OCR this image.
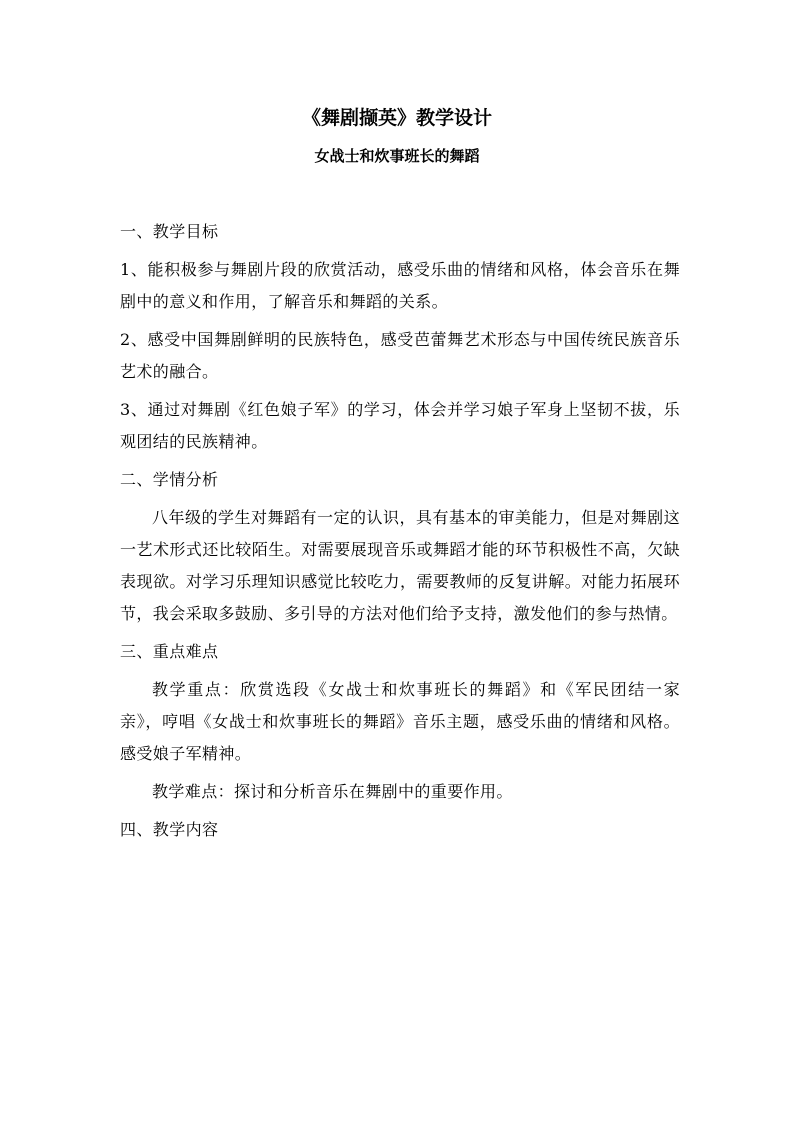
《舞剧撷英》教学设计
女战士和炊事班长的舞蹈

一、教学目标

1、能积极参与舞剧片段的欣赏活动，感受乐曲的情绪和风格，体会音乐在舞剧中的意义和作用，了解音乐和舞蹈的关系。

2、感受中国舞剧鲜明的民族特色，感受芭蕾舞艺术形态与中国传统民族音乐艺术的融合。

3、通过对舞剧《红色娘子军》的学习，体会并学习娘子军身上坚韧不拔，乐观团结的民族精神。

二、学情分析

八年级的学生对舞蹈有一定的认识，具有基本的审美能力，但是对舞剧这一艺术形式还比较陌生。对需要展现音乐或舞蹈才能的环节积极性不高，欠缺表现欲。对学习乐理知识感觉比较吃力，需要教师的反复讲解。对能力拓展环节，我会采取多鼓励、多引导的方法对他们给予支持，激发他们的参与热情。

三、重点难点

教学重点：欣赏选段《女战士和炊事班长的舞蹈》和《军民团结一家亲》，哼唱《女战士和炊事班长的舞蹈》音乐主题，感受乐曲的情绪和风格。感受娘子军精神。

教学难点：探讨和分析音乐在舞剧中的重要作用。

四、教学内容
